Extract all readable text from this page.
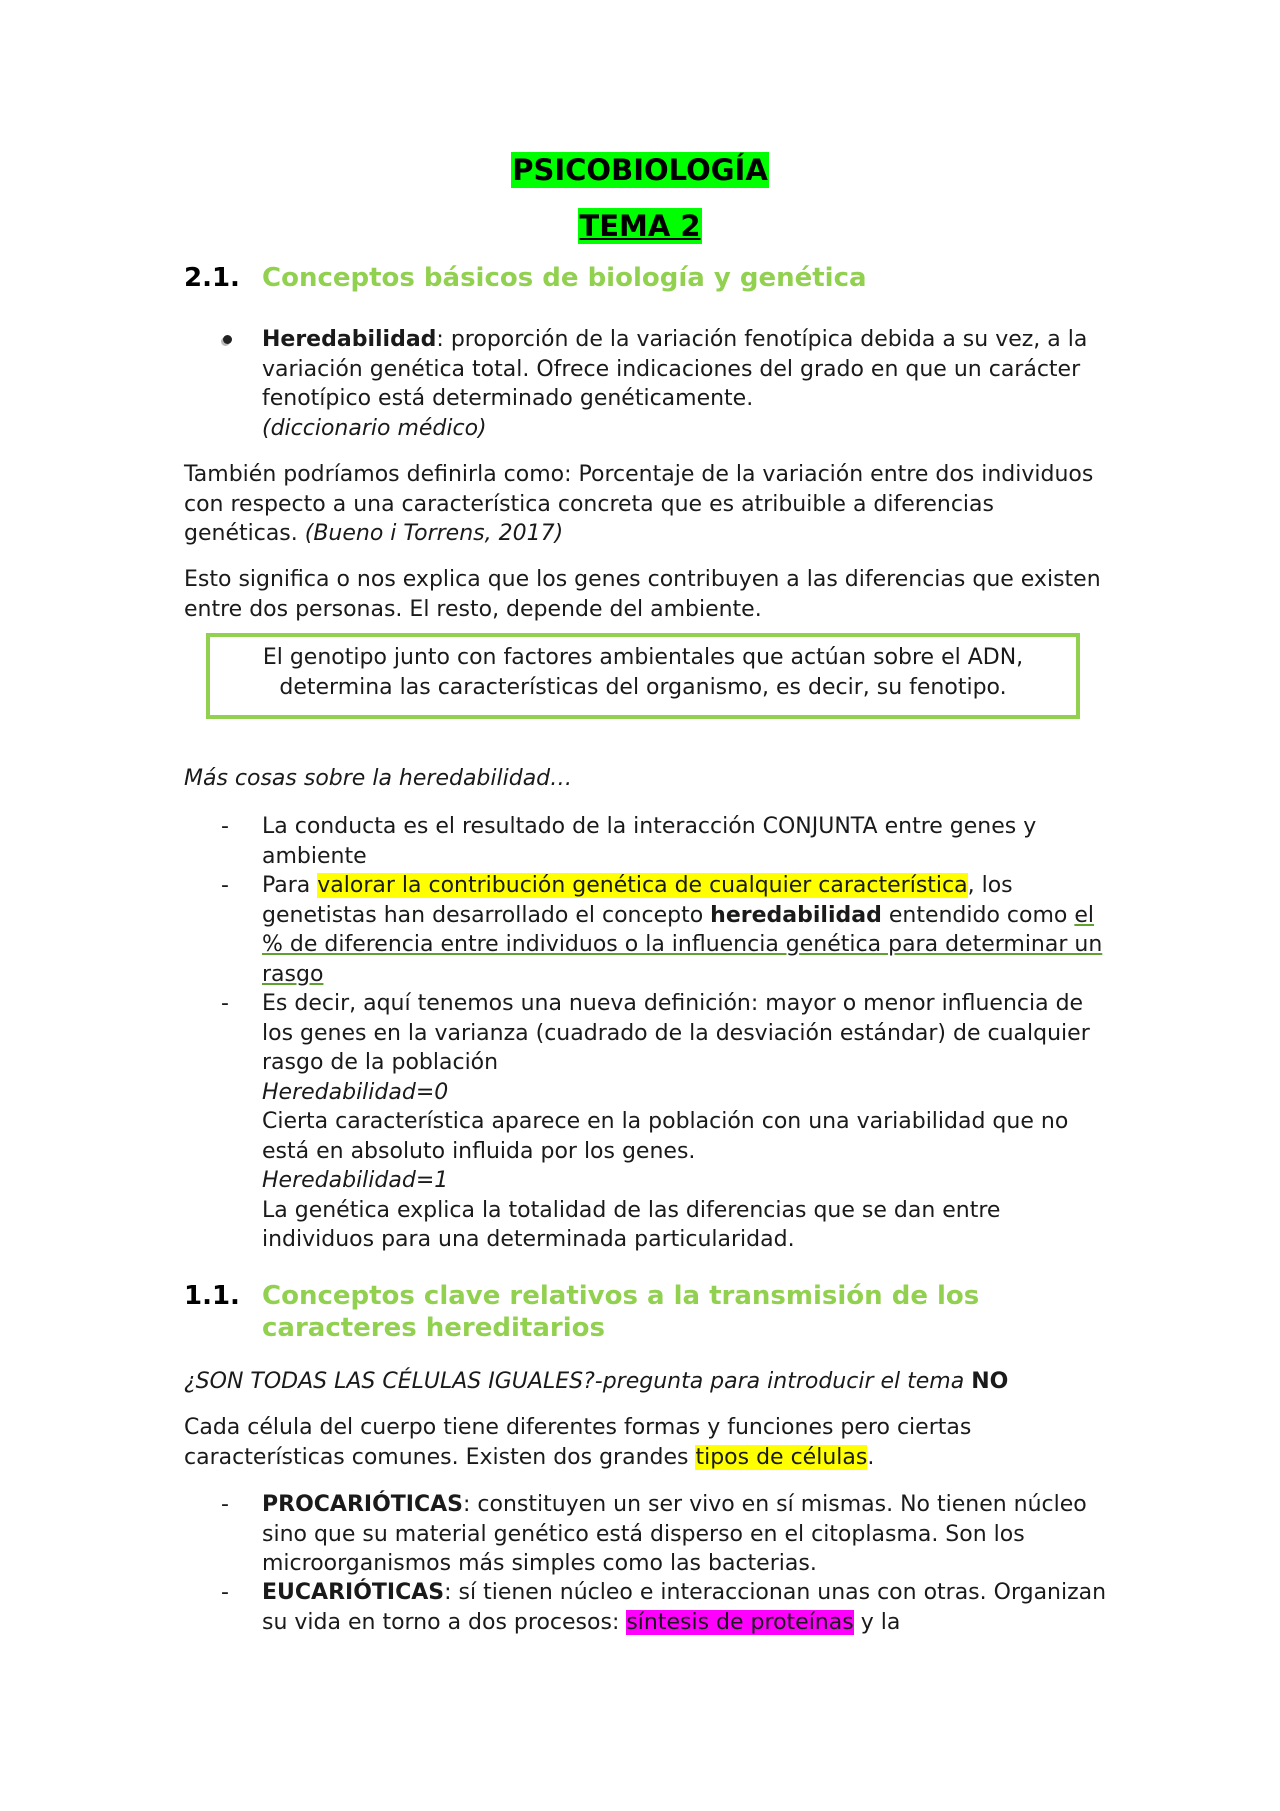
PSICOBIOLOGÍA
TEMA 2
2.1. Conceptos básicos de biología y genética
Heredabilidad: proporción de la variación fenotípica debida a su vez, a la variación genética total. Ofrece indicaciones del grado en que un carácter fenotípico está determinado genéticamente.
(diccionario médico)
También podríamos definirla como: Porcentaje de la variación entre dos individuos con respecto a una característica concreta que es atribuible a diferencias genéticas. (Bueno i Torrens, 2017)
Esto significa o nos explica que los genes contribuyen a las diferencias que existen entre dos personas. El resto, depende del ambiente.
El genotipo junto con factores ambientales que actúan sobre el ADN, determina las características del organismo, es decir, su fenotipo.
Más cosas sobre la heredabilidad…
- La conducta es el resultado de la interacción CONJUNTA entre genes y ambiente
- Para valorar la contribución genética de cualquier característica, los genetistas han desarrollado el concepto heredabilidad entendido como el % de diferencia entre individuos o la influencia genética para determinar un rasgo
- Es decir, aquí tenemos una nueva definición: mayor o menor influencia de los genes en la varianza (cuadrado de la desviación estándar) de cualquier rasgo de la población
Heredabilidad=0
Cierta característica aparece en la población con una variabilidad que no está en absoluto influida por los genes.
Heredabilidad=1
La genética explica la totalidad de las diferencias que se dan entre individuos para una determinada particularidad.
1.1. Conceptos clave relativos a la transmisión de los caracteres hereditarios
¿SON TODAS LAS CÉLULAS IGUALES?-pregunta para introducir el tema NO
Cada célula del cuerpo tiene diferentes formas y funciones pero ciertas características comunes. Existen dos grandes tipos de células.
- PROCARIÓTICAS: constituyen un ser vivo en sí mismas. No tienen núcleo sino que su material genético está disperso en el citoplasma. Son los microorganismos más simples como las bacterias.
- EUCARIÓTICAS: sí tienen núcleo e interaccionan unas con otras. Organizan su vida en torno a dos procesos: síntesis de proteínas y la
